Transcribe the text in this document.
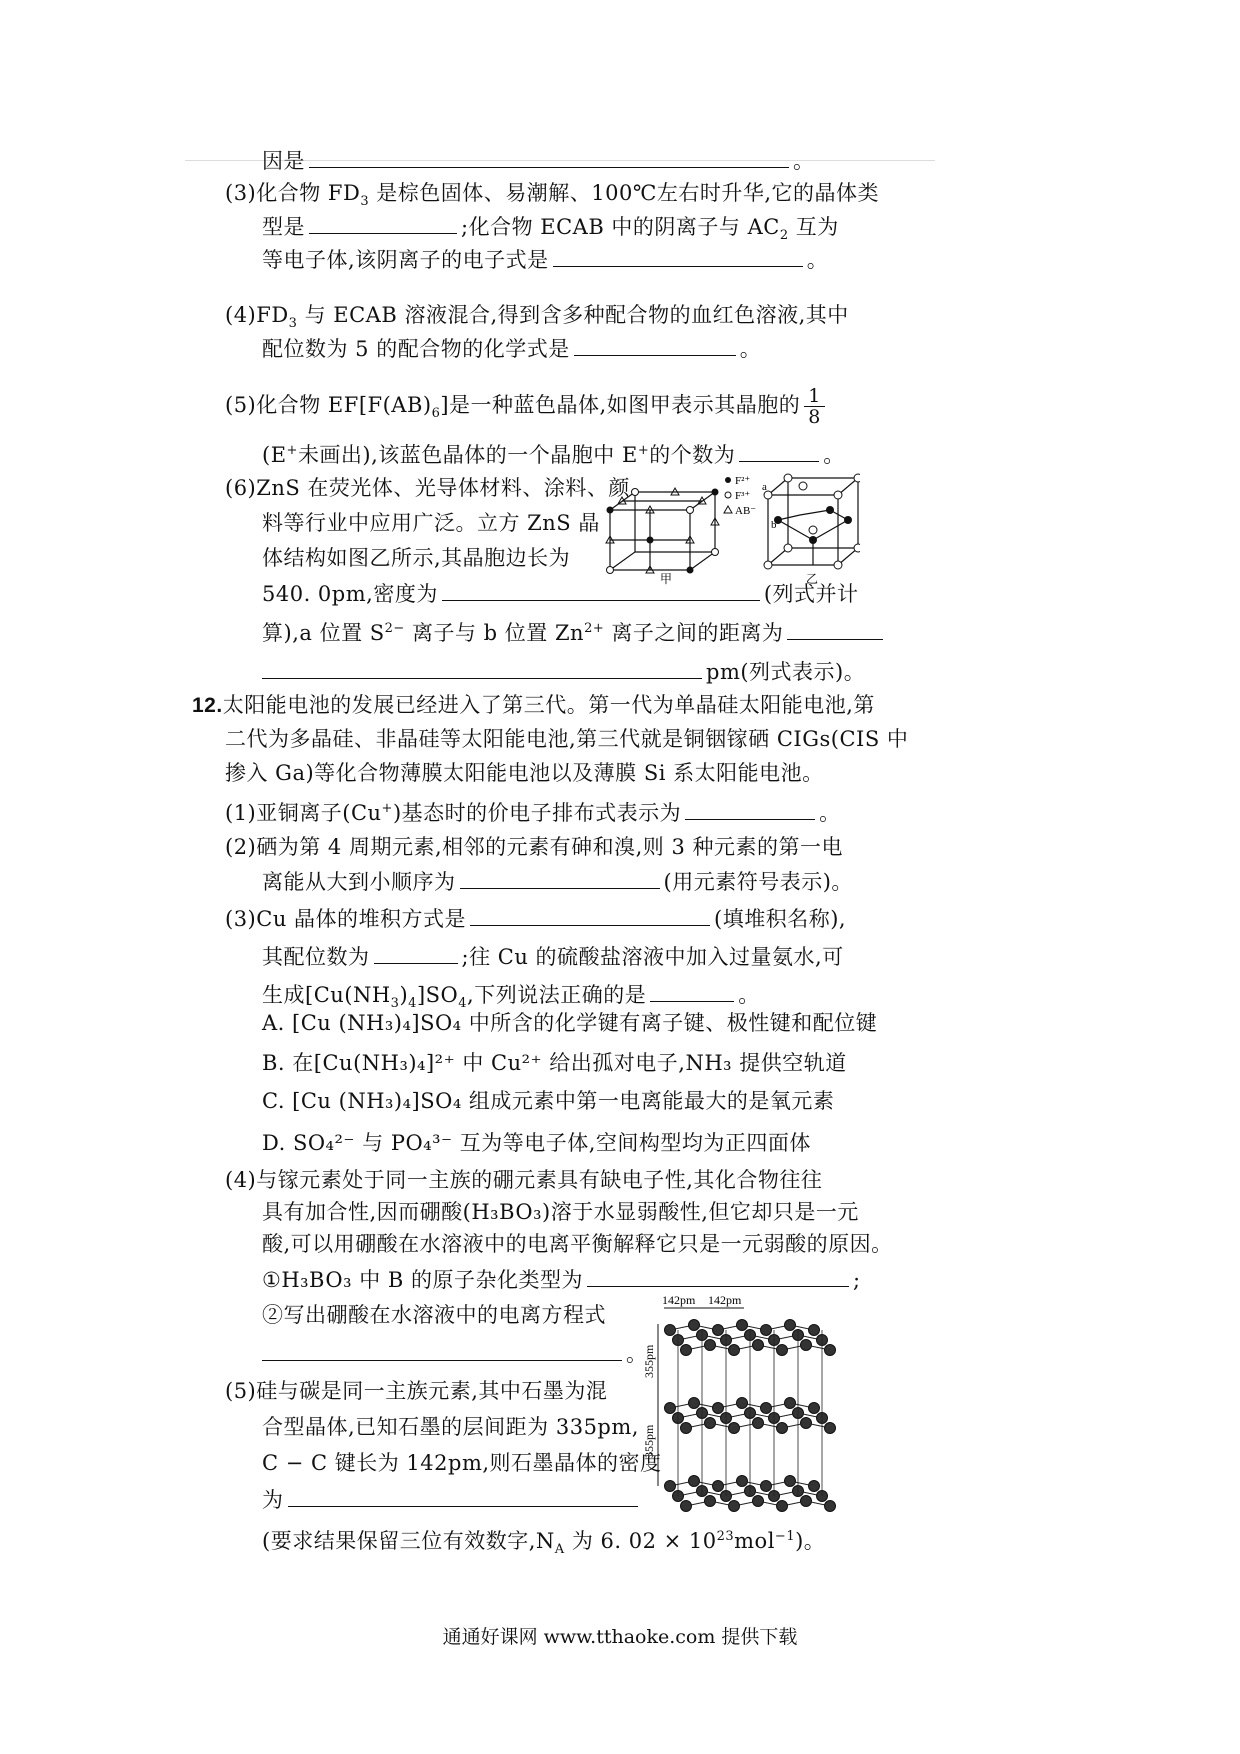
因是	。
(3)化合物 $FD_3$ 是棕色固体、易潮解、100℃左右时升华,它的晶体类
型是	;化合物 ECAB 中的阴离子与 $AC_2$ 互为
等电子体,该阴离子的电子式是	。
$(4)FD_3$ 与 ECAB 溶液混合,得到含多种配合物的血红色溶液,其中
配位数为 5 的配合物的化学式是	。
(5)化合物 $EF[F(AB)_6]$是一种蓝色晶体,如图甲表示其晶胞的 $\frac{1}{8}$
(E+未画出),该蓝色晶体的一个晶胞中 E+的个数为	。
(6)ZnS 在荧光体、光导体材料、涂料、颜
料等行业中应用广泛。立方 ZnS 晶
体结构如图乙所示,其晶胞边长为
540. 0pm,密度为	(列式并计
算),a 位置 $S^{2-}$ 离子与 b 位置 $Zn^{2+}$ 离子之间的距离为
pm(列式表示)。
F²⁺
F³⁺
AB⁻
甲
a
b
乙
12.太阳能电池的发展已经进入了第三代。第一代为单晶硅太阳能电池,第
二代为多晶硅、非晶硅等太阳能电池,第三代就是铜铟镓硒 CIGs(CIS 中
掺入 Ga)等化合物薄膜太阳能电池以及薄膜 Si 系太阳能电池。
(1)亚铜离子(Cu+)基态时的价电子排布式表示为	。
(2)硒为第 4 周期元素,相邻的元素有砷和溴,则 3 种元素的第一电
离能从大到小顺序为	(用元素符号表示)。
(3)Cu 晶体的堆积方式是	(填堆积名称),
其配位数为	;往 Cu 的硫酸盐溶液中加入过量氨水,可
生成$[Cu(NH_3)_4]SO_4$,下列说法正确的是	。
A. [Cu (NH₃)₄]SO₄ 中所含的化学键有离子键、极性键和配位键
B. 在[Cu(NH₃)₄]²⁺ 中 Cu²⁺ 给出孤对电子,NH₃ 提供空轨道
C. [Cu (NH₃)₄]SO₄ 组成元素中第一电离能最大的是氧元素
D. SO₄²⁻ 与 PO₄³⁻ 互为等电子体,空间构型均为正四面体
(4)与镓元素处于同一主族的硼元素具有缺电子性,其化合物往往
具有加合性,因而硼酸(H₃BO₃)溶于水显弱酸性,但它却只是一元
酸,可以用硼酸在水溶液中的电离平衡解释它只是一元弱酸的原因。
①H₃BO₃ 中 B 的原子杂化类型为	;
②写出硼酸在水溶液中的电离方程式
。
(5)硅与碳是同一主族元素,其中石墨为混
合型晶体,已知石墨的层间距为 335pm,
C − C 键长为 142pm,则石墨晶体的密度
为
(要求结果保留三位有效数字$,N_A$ 为 6. $02 \times 10^{23}mol^{-1}$)。
142pm 142pm
355pm
355pm
通通好课网 www.tthaoke.com 提供下载
